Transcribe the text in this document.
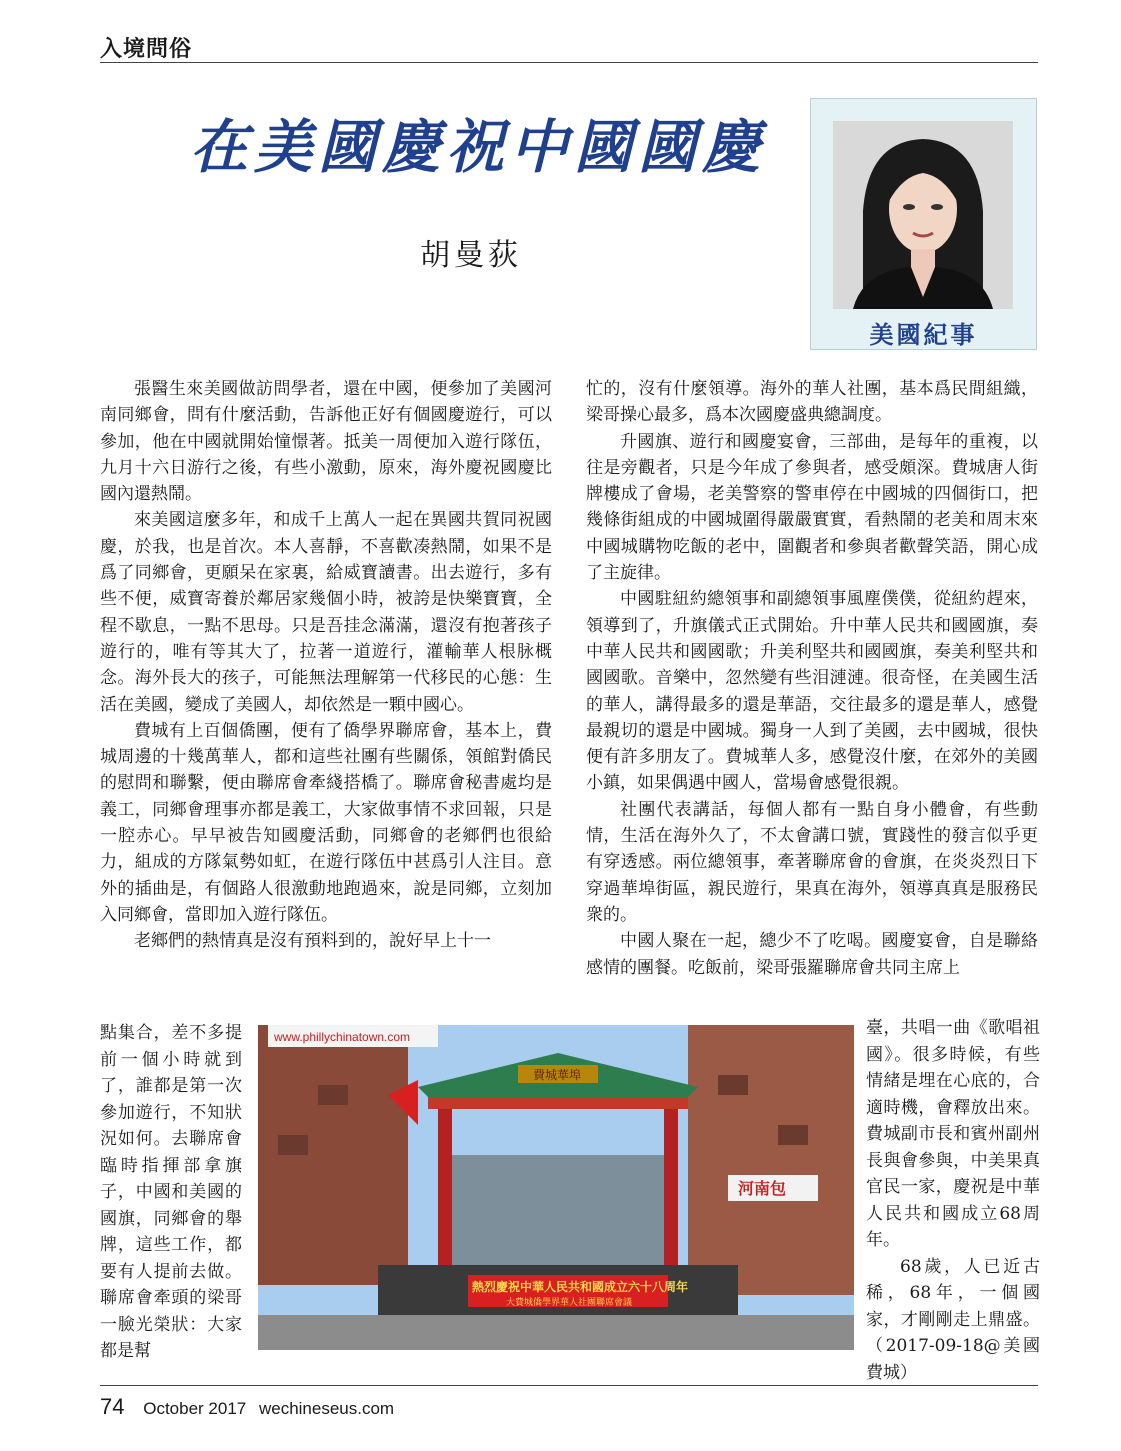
入境問俗
在美國慶祝中國國慶
胡曼荻
美國紀事

張醫生來美國做訪問學者，還在中國，便參加了美國河南同鄉會，問有什麼活動，告訴他正好有個國慶遊行，可以參加，他在中國就開始憧憬著。抵美一周便加入遊行隊伍，九月十六日游行之後，有些小激動，原來，海外慶祝國慶比國內還熱鬧。

來美國這麼多年，和成千上萬人一起在異國共賀同祝國慶，於我，也是首次。本人喜靜，不喜歡凑熱鬧，如果不是爲了同鄉會，更願呆在家裏，給威寶讀書。出去遊行，多有些不便，威寶寄養於鄰居家幾個小時，被誇是快樂寶寶，全程不歇息，一點不思母。只是吾挂念滿滿，還沒有抱著孩子遊行的，唯有等其大了，拉著一道遊行，灌輸華人根脉概念。海外長大的孩子，可能無法理解第一代移民的心態：生活在美國，變成了美國人，却依然是一顆中國心。

費城有上百個僑團，便有了僑學界聯席會，基本上，費城周邊的十幾萬華人，都和這些社團有些關係，領館對僑民的慰問和聯繫，便由聯席會牽綫搭橋了。聯席會秘書處均是義工，同鄉會理事亦都是義工，大家做事情不求回報，只是一腔赤心。早早被告知國慶活動，同鄉會的老鄉們也很給力，組成的方隊氣勢如虹，在遊行隊伍中甚爲引人注目。意外的插曲是，有個路人很激動地跑過來，說是同鄉，立刻加入同鄉會，當即加入遊行隊伍。

老鄉們的熱情真是沒有預料到的，說好早上十一

點集合，差不多提前一個小時就到了，誰都是第一次參加遊行，不知狀況如何。去聯席會臨時指揮部拿旗子，中國和美國的國旗，同鄉會的舉牌，這些工作，都要有人提前去做。聯席會牽頭的梁哥一臉光榮狀：大家都是幫

忙的，沒有什麼領導。海外的華人社團，基本爲民間組織，梁哥操心最多，爲本次國慶盛典總調度。

升國旗、遊行和國慶宴會，三部曲，是每年的重複，以往是旁觀者，只是今年成了參與者，感受頗深。費城唐人街牌樓成了會場，老美警察的警車停在中國城的四個街口，把幾條街組成的中國城圍得嚴嚴實實，看熱鬧的老美和周末來中國城購物吃飯的老中，圍觀者和參與者歡聲笑語，開心成了主旋律。

中國駐紐約總領事和副總領事風塵僕僕，從紐約趕來，領導到了，升旗儀式正式開始。升中華人民共和國國旗，奏中華人民共和國國歌；升美利堅共和國國旗，奏美利堅共和國國歌。音樂中，忽然變有些泪漣漣。很奇怪，在美國生活的華人，講得最多的還是華語，交往最多的還是華人，感覺最親切的還是中國城。獨身一人到了美國，去中國城，很快便有許多朋友了。費城華人多，感覺沒什麼，在郊外的美國小鎮，如果偶遇中國人，當場會感覺很親。

社團代表講話，每個人都有一點自身小體會，有些動情，生活在海外久了，不太會講口號，實踐性的發言似乎更有穿透感。兩位總領事，牽著聯席會的會旗，在炎炎烈日下穿過華埠街區，親民遊行，果真在海外，領導真真是服務民衆的。

中國人聚在一起，總少不了吃喝。國慶宴會，自是聯絡感情的團餐。吃飯前，梁哥張羅聯席會共同主席上

臺，共唱一曲《歌唱祖國》。很多時候，有些情緒是埋在心底的，合適時機，會釋放出來。費城副市長和賓州副州長與會參與，中美果真官民一家，慶祝是中華人民共和國成立68周年。

68歲，人已近古稀，68年，一個國家，才剛剛走上鼎盛。（2017-09-18@美國費城）

www.phillychinatown.com
河南包
費城華埠
熱烈慶祝中華人民共和國成立六十八周年
大費城僑學界華人社團聯席會議
74 October 2017 wechineseus.com
